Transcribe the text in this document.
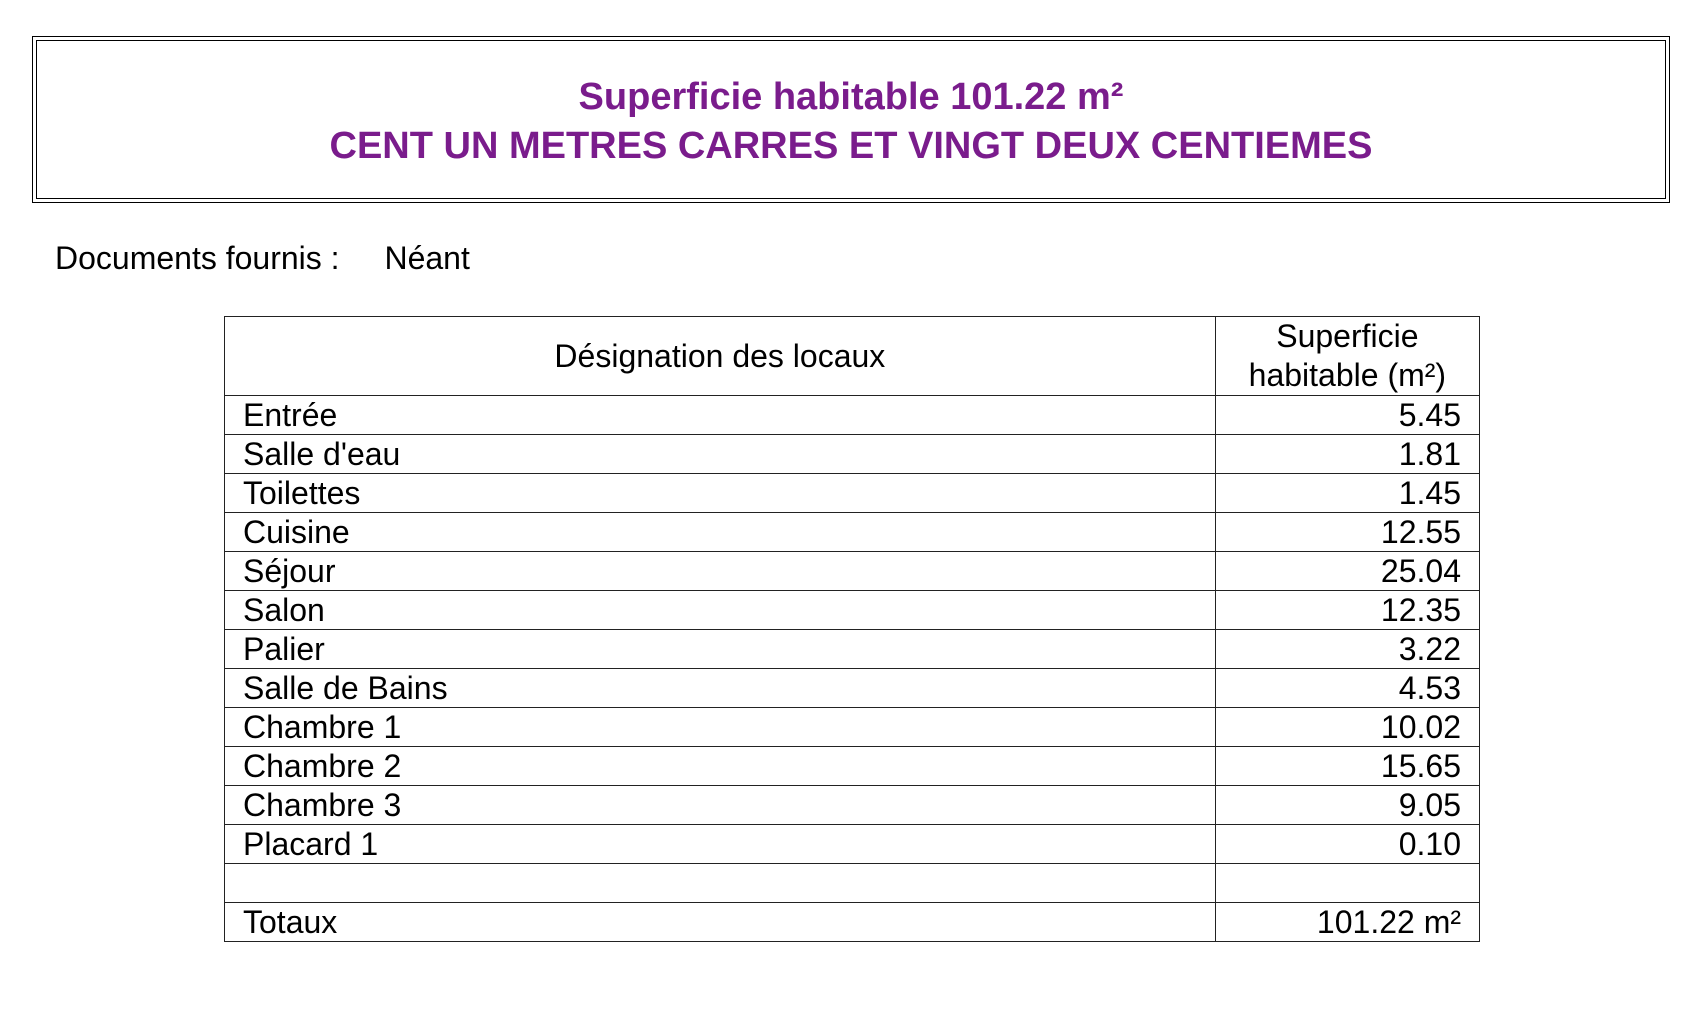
Superficie habitable 101.22 m²
CENT UN METRES CARRES ET VINGT DEUX CENTIEMES
Documents fournis : Néant
Désignation des locaux	Superficie
habitable (m²)
Entrée	5.45
Salle d'eau	1.81
Toilettes	1.45
Cuisine	12.55
Séjour	25.04
Salon	12.35
Palier	3.22
Salle de Bains	4.53
Chambre 1	10.02
Chambre 2	15.65
Chambre 3	9.05
Placard 1	0.10

Totaux	101.22 m²
